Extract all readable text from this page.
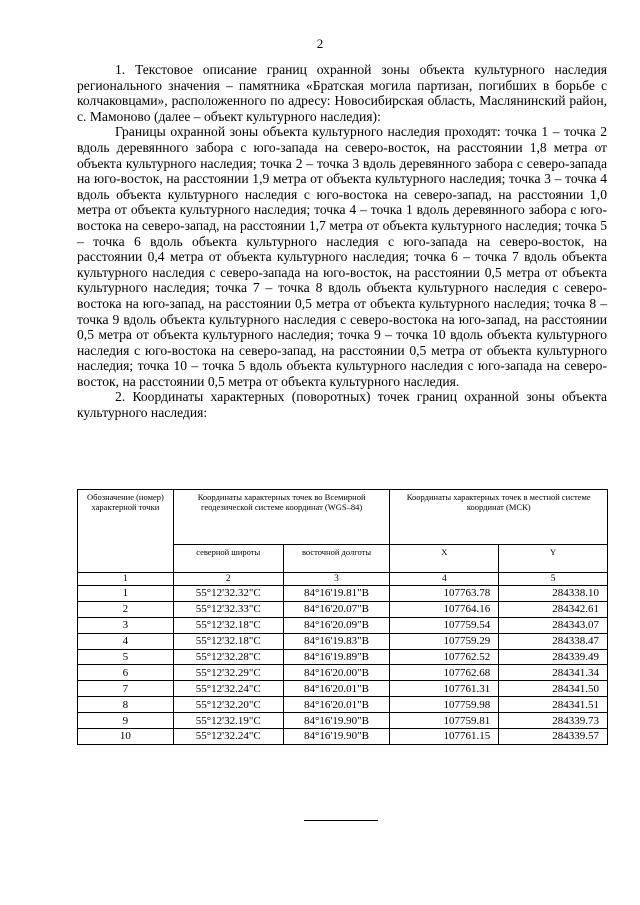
2

1. Текстовое описание границ охранной зоны объекта культурного наследия регионального значения – памятника «Братская могила партизан, погибших в борьбе с колчаковцами», расположенного по адресу: Новосибирская область, Маслянинский район, с. Мамоново (далее – объект культурного наследия):

Границы охранной зоны объекта культурного наследия проходят: точка 1 – точка 2 вдоль деревянного забора с юго-запада на северо-восток, на расстоянии 1,8 метра от объекта культурного наследия; точка 2 – точка 3 вдоль деревянного забора с северо-запада на юго-восток, на расстоянии 1,9 метра от объекта культурного наследия; точка 3 – точка 4 вдоль объекта культурного наследия с юго-востока на северо-запад, на расстоянии 1,0 метра от объекта культурного наследия; точка 4 – точка 1 вдоль деревянного забора с юго-востока на северо-запад, на расстоянии 1,7 метра от объекта культурного наследия; точка 5 – точка 6 вдоль объекта культурного наследия с юго-запада на северо-восток, на расстоянии 0,4 метра от объекта культурного наследия; точка 6 – точка 7 вдоль объекта культурного наследия с северо-запада на юго-восток, на расстоянии 0,5 метра от объекта культурного наследия; точка 7 – точка 8 вдоль объекта культурного наследия с северо-востока на юго-запад, на расстоянии 0,5 метра от объекта культурного наследия; точка 8 – точка 9 вдоль объекта культурного наследия с северо-востока на юго-запад, на расстоянии 0,5 метра от объекта культурного наследия; точка 9 – точка 10 вдоль объекта культурного наследия с юго-востока на северо-запад, на расстоянии 0,5 метра от объекта культурного наследия; точка 10 – точка 5 вдоль объекта культурного наследия с юго-запада на северо-восток, на расстоянии 0,5 метра от объекта культурного наследия.

2. Координаты характерных (поворотных) точек границ охранной зоны объекта культурного наследия:

Обозначение (номер) характерной точки	Координаты характерных точек во Всемирной геодезической системе координат (WGS–84)		Координаты характерных точек в местной системе координат (МСК)	
	северной широты	восточной долготы	X	Y
1	2	3	4	5
1	55°12'32.32"С	84°16'19.81"В	107763.78	284338.10
2	55°12'32.33"С	84°16'20.07"В	107764.16	284342.61
3	55°12'32.18"С	84°16'20.09"В	107759.54	284343.07
4	55°12'32.18"С	84°16'19.83"В	107759.29	284338.47
5	55°12'32.28"С	84°16'19.89"В	107762.52	284339.49
6	55°12'32.29"С	84°16'20.00"В	107762.68	284341.34
7	55°12'32.24"С	84°16'20.01"В	107761.31	284341.50
8	55°12'32.20"С	84°16'20.01"В	107759.98	284341.51
9	55°12'32.19"С	84°16'19.90"В	107759.81	284339.73
10	55°12'32.24"С	84°16'19.90"В	107761.15	284339.57
